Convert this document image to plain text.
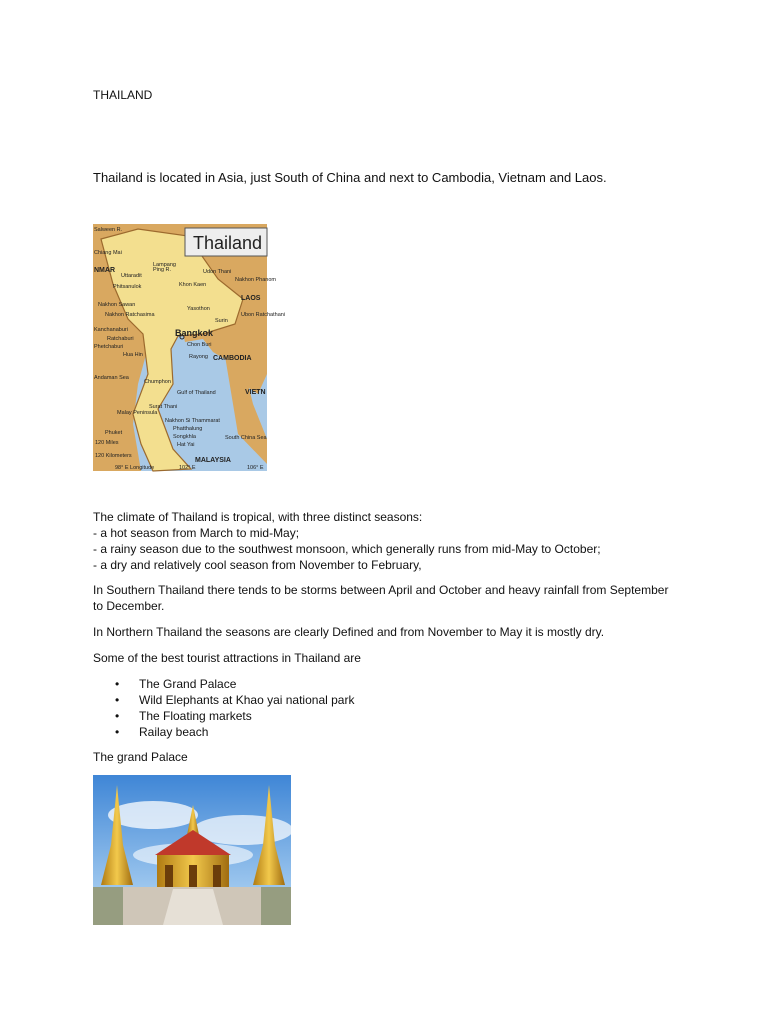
THAILAND

Thailand is located in Asia, just South of China and next to Cambodia, Vietnam and Laos.

Thailand
Bangkok
NMAR
LAOS
CAMBODIA
VIETN
MALAYSIA
Salween R.
Chiang Mai
Lampang
Uttaradit
Ping R.
Phitsanulok
Udon Thani
Nakhon Phanom
Khon Kaen
Yasothon
Nakhon Sawan
Nakhon Ratchasima	Ubon Ratchathani
Kanchanaburi
Surin
Ratchaburi
Phetchaburi
Hua Hin
Chon Buri
Rayong
Chumphon
Surat Thani
Phuket
Nakhon Si Thammarat
Phatthalung
Songkhla
Hat Yai
Andaman Sea
Gulf of Thailand
Malay Peninsula
South China Sea
120 Miles
120 Kilometers
98° E Longitude	102° E	106° E
The climate of Thailand is tropical, with three distinct seasons:
- a hot season from March to mid-May;
- a rainy season due to the southwest monsoon, which generally runs from mid-May to October;
- a dry and relatively cool season from November to February,

In Southern Thailand there tends to be storms between April and October and heavy rainfall from September to December.

In Northern Thailand the seasons are clearly Defined and from November to May it is mostly dry.

Some of the best tourist attractions in Thailand are

• The Grand Palace
• Wild Elephants at Khao yai national park
• The Floating markets
• Railay beach

The grand Palace
